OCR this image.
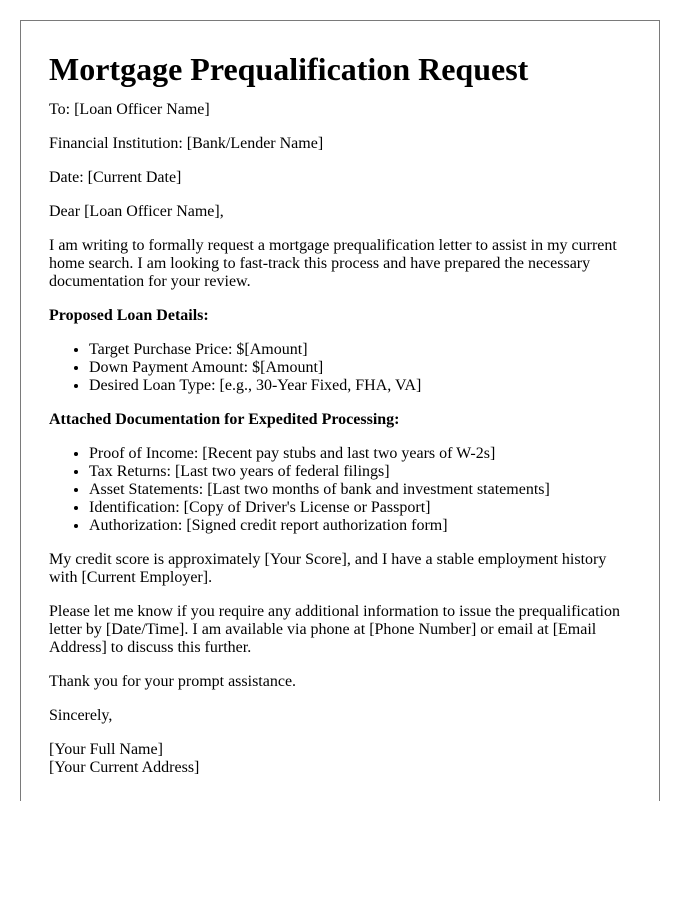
Mortgage Prequalification Request

To: [Loan Officer Name]

Financial Institution: [Bank/Lender Name]

Date: [Current Date]

Dear [Loan Officer Name],

I am writing to formally request a mortgage prequalification letter to assist in my current home search. I am looking to fast-track this process and have prepared the necessary documentation for your review.

Proposed Loan Details:

• Target Purchase Price: $[Amount]
• Down Payment Amount: $[Amount]
• Desired Loan Type: [e.g., 30-Year Fixed, FHA, VA]

Attached Documentation for Expedited Processing:

• Proof of Income: [Recent pay stubs and last two years of W-2s]
• Tax Returns: [Last two years of federal filings]
• Asset Statements: [Last two months of bank and investment statements]
• Identification: [Copy of Driver's License or Passport]
• Authorization: [Signed credit report authorization form]

My credit score is approximately [Your Score], and I have a stable employment history with [Current Employer].

Please let me know if you require any additional information to issue the prequalification letter by [Date/Time]. I am available via phone at [Phone Number] or email at [Email Address] to discuss this further.

Thank you for your prompt assistance.

Sincerely,

[Your Full Name]

[Your Current Address]
